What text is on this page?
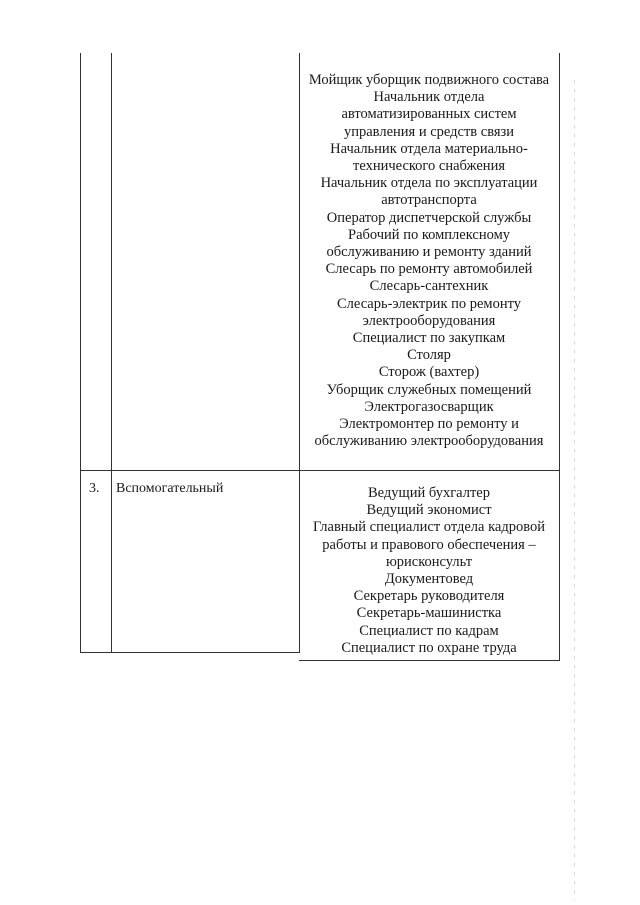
Мойщик уборщик подвижного состава
Начальник отдела
автоматизированных систем
управления и средств связи
Начальник отдела материально-
технического снабжения
Начальник отдела по эксплуатации
автотранспорта
Оператор диспетчерской службы
Рабочий по комплексному
обслуживанию и ремонту зданий
Слесарь по ремонту автомобилей
Слесарь-сантехник
Слесарь-электрик по ремонту
электрооборудования
Специалист по закупкам
Столяр
Сторож (вахтер)
Уборщик служебных помещений
Электрогазосварщик
Электромонтер по ремонту и
обслуживанию электрооборудования
3. Вспомогательный	Ведущий бухгалтер
Ведущий экономист
Главный специалист отдела кадровой
работы и правового обеспечения –
юрисконсульт
Документовед
Секретарь руководителя
Секретарь-машинистка
Специалист по кадрам
Специалист по охране труда
